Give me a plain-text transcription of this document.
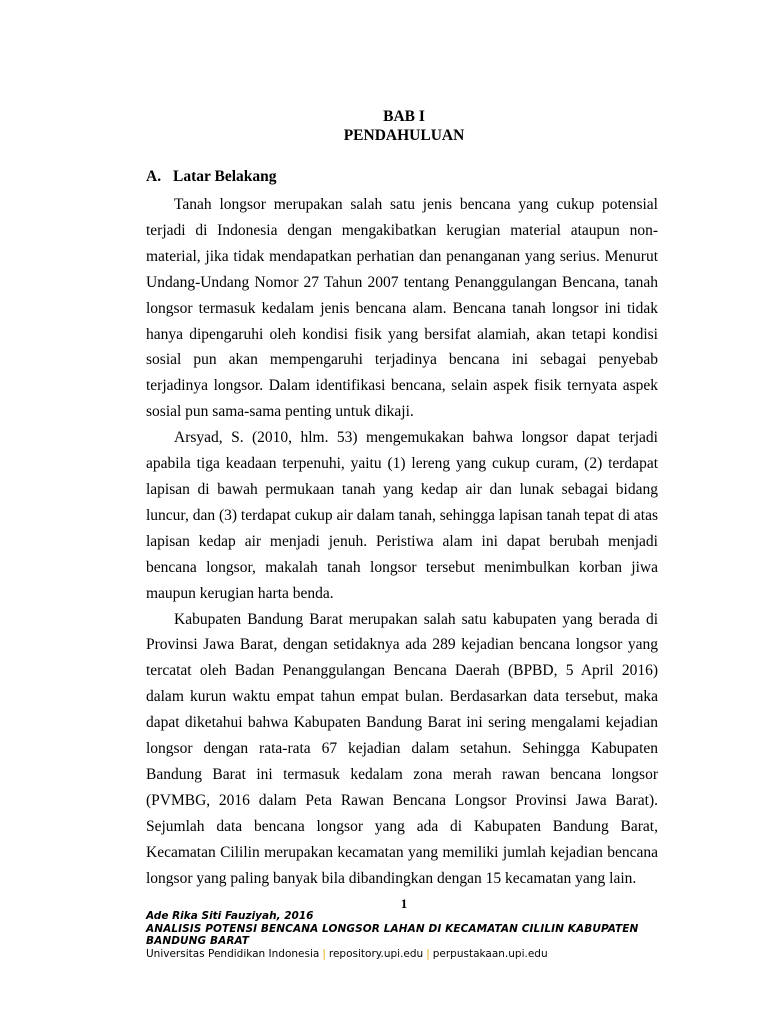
BAB I
PENDAHULUAN
A. Latar Belakang

Tanah longsor merupakan salah satu jenis bencana yang cukup potensial terjadi di Indonesia dengan mengakibatkan kerugian material ataupun non-material, jika tidak mendapatkan perhatian dan penanganan yang serius. Menurut Undang-Undang Nomor 27 Tahun 2007 tentang Penanggulangan Bencana, tanah longsor termasuk kedalam jenis bencana alam. Bencana tanah longsor ini tidak hanya dipengaruhi oleh kondisi fisik yang bersifat alamiah, akan tetapi kondisi sosial pun akan mempengaruhi terjadinya bencana ini sebagai penyebab terjadinya longsor. Dalam identifikasi bencana, selain aspek fisik ternyata aspek sosial pun sama-sama penting untuk dikaji.

Arsyad, S. (2010, hlm. 53) mengemukakan bahwa longsor dapat terjadi apabila tiga keadaan terpenuhi, yaitu (1) lereng yang cukup curam, (2) terdapat lapisan di bawah permukaan tanah yang kedap air dan lunak sebagai bidang luncur, dan (3) terdapat cukup air dalam tanah, sehingga lapisan tanah tepat di atas lapisan kedap air menjadi jenuh. Peristiwa alam ini dapat berubah menjadi bencana longsor, makalah tanah longsor tersebut menimbulkan korban jiwa maupun kerugian harta benda.

Kabupaten Bandung Barat merupakan salah satu kabupaten yang berada di Provinsi Jawa Barat, dengan setidaknya ada 289 kejadian bencana longsor yang tercatat oleh Badan Penanggulangan Bencana Daerah (BPBD, 5 April 2016) dalam kurun waktu empat tahun empat bulan. Berdasarkan data tersebut, maka dapat diketahui bahwa Kabupaten Bandung Barat ini sering mengalami kejadian longsor dengan rata-rata 67 kejadian dalam setahun. Sehingga Kabupaten Bandung Barat ini termasuk kedalam zona merah rawan bencana longsor (PVMBG, 2016 dalam Peta Rawan Bencana Longsor Provinsi Jawa Barat). Sejumlah data bencana longsor yang ada di Kabupaten Bandung Barat, Kecamatan Cililin merupakan kecamatan yang memiliki jumlah kejadian bencana longsor yang paling banyak bila dibandingkan dengan 15 kecamatan yang lain.

1
Ade Rika Siti Fauziyah, 2016
ANALISIS POTENSI BENCANA LONGSOR LAHAN DI KECAMATAN CILILIN KABUPATEN BANDUNG BARAT
Universitas Pendidikan Indonesia | repository.upi.edu | perpustakaan.upi.edu
